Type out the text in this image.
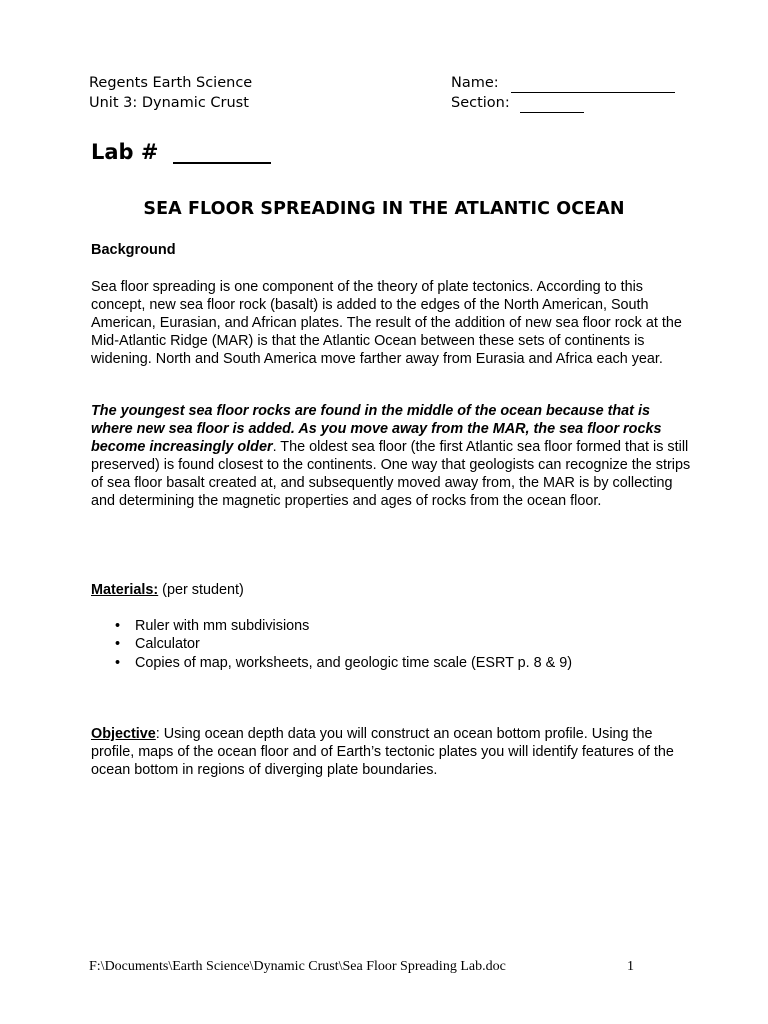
Regents Earth Science
Unit 3: Dynamic Crust
Name:
Section:
Lab #
SEA FLOOR SPREADING IN THE ATLANTIC OCEAN
Background
Sea floor spreading is one component of the theory of plate tectonics. According to this concept, new sea floor rock (basalt) is added to the edges of the North American, South American, Eurasian, and African plates. The result of the addition of new sea floor rock at the Mid-Atlantic Ridge (MAR) is that the Atlantic Ocean between these sets of continents is widening. North and South America move farther away from Eurasia and Africa each year.
The youngest sea floor rocks are found in the middle of the ocean because that is where new sea floor is added. As you move away from the MAR, the sea floor rocks become increasingly older. The oldest sea floor (the first Atlantic sea floor formed that is still preserved) is found closest to the continents. One way that geologists can recognize the strips of sea floor basalt created at, and subsequently moved away from, the MAR is by collecting and determining the magnetic properties and ages of rocks from the ocean floor.
Materials: (per student)
• Ruler with mm subdivisions
• Calculator
• Copies of map, worksheets, and geologic time scale (ESRT p. 8 & 9)
Objective: Using ocean depth data you will construct an ocean bottom profile. Using the profile, maps of the ocean floor and of Earth’s tectonic plates you will identify features of the ocean bottom in regions of diverging plate boundaries.
F:\Documents\Earth Science\Dynamic Crust\Sea Floor Spreading Lab.doc	1
